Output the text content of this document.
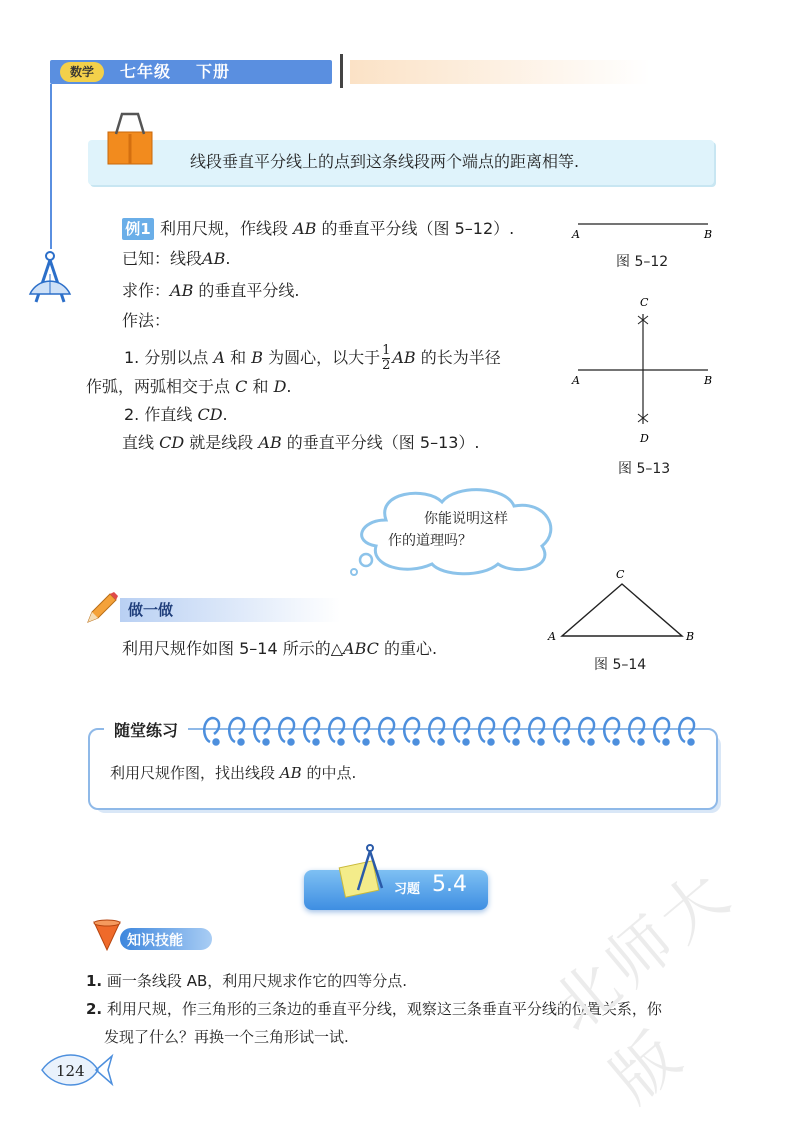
数学	七年级 下册
线段垂直平分线上的点到这条线段两个端点的距离相等.
例1 利用尺规，作线段 AB 的垂直平分线（图 5–12）.
已知：线段AB.
求作：AB 的垂直平分线.
作法：
1. 分别以点 A 和 B 为圆心，以大于 $\frac{1}{2}$ AB 的长为半径
作弧，两弧相交于点 C 和 D.
2. 作直线 CD.
直线 CD 就是线段 AB 的垂直平分线（图 5–13）.
A	B
图 5–12
C
A	B
D
图 5–13
你能说明这样
作的道理吗？
做一做
利用尺规作如图 5–14 所示的△ABC 的重心.
C
A	B
图 5–14
随堂练习
利用尺规作图，找出线段 AB 的中点.
习题 5.4
知识技能
1. 画一条线段 AB，利用尺规求作它的四等分点.
2. 利用尺规，作三角形的三条边的垂直平分线，观察这三条垂直平分线的位置关系，你
发现了什么？再换一个三角形试一试.
124
北师大版
